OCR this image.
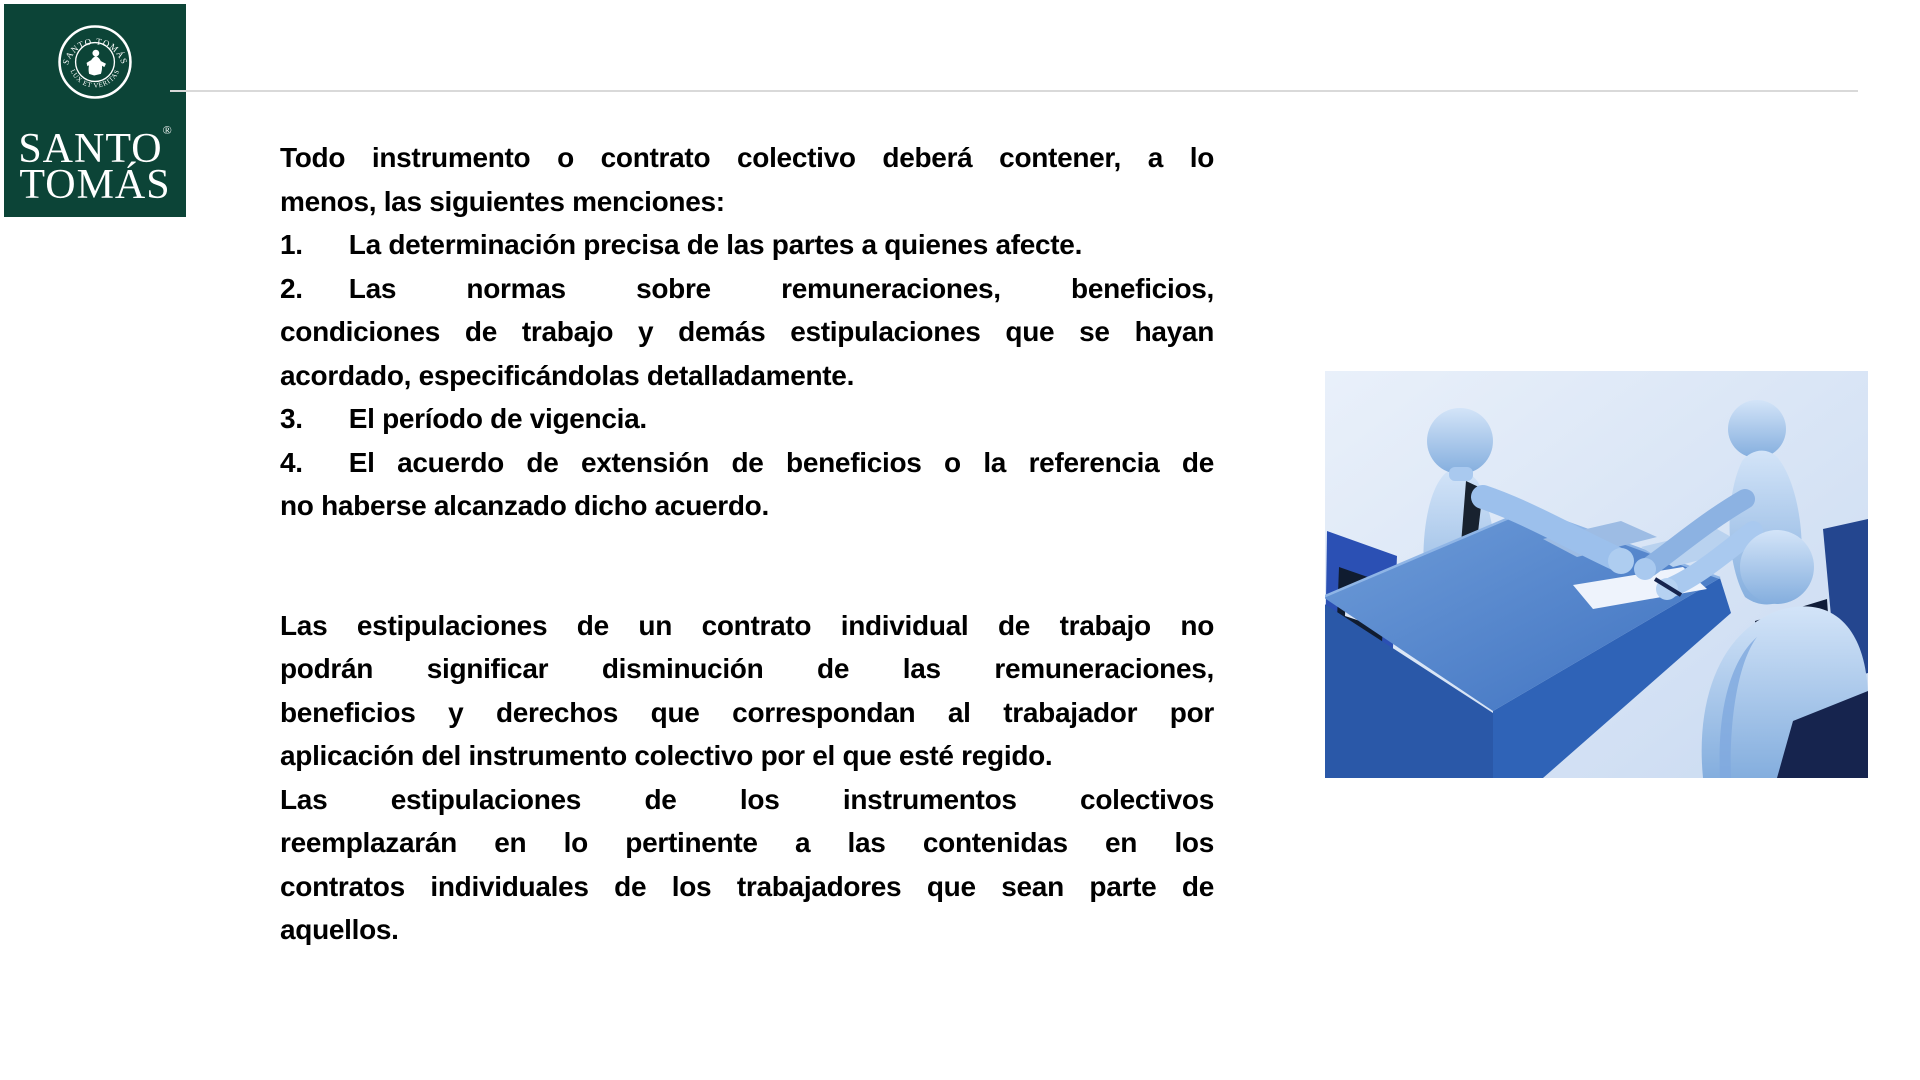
SANTO TOMÁS
LUX ET VERITAS
SANTO®
TOMÁS
Todo instrumento o contrato colectivo deberá contener, a lo
menos, las siguientes menciones:
1. La determinación precisa de las partes a quienes afecte.
2. Las normas sobre remuneraciones, beneficios,
condiciones de trabajo y demás estipulaciones que se hayan
acordado, especificándolas detalladamente.
3. El período de vigencia.
4. El acuerdo de extensión de beneficios o la referencia de
no haberse alcanzado dicho acuerdo.
Las estipulaciones de un contrato individual de trabajo no
podrán significar disminución de las remuneraciones,
beneficios y derechos que correspondan al trabajador por
aplicación del instrumento colectivo por el que esté regido.
Las estipulaciones de los instrumentos colectivos
reemplazarán en lo pertinente a las contenidas en los
contratos individuales de los trabajadores que sean parte de
aquellos.
